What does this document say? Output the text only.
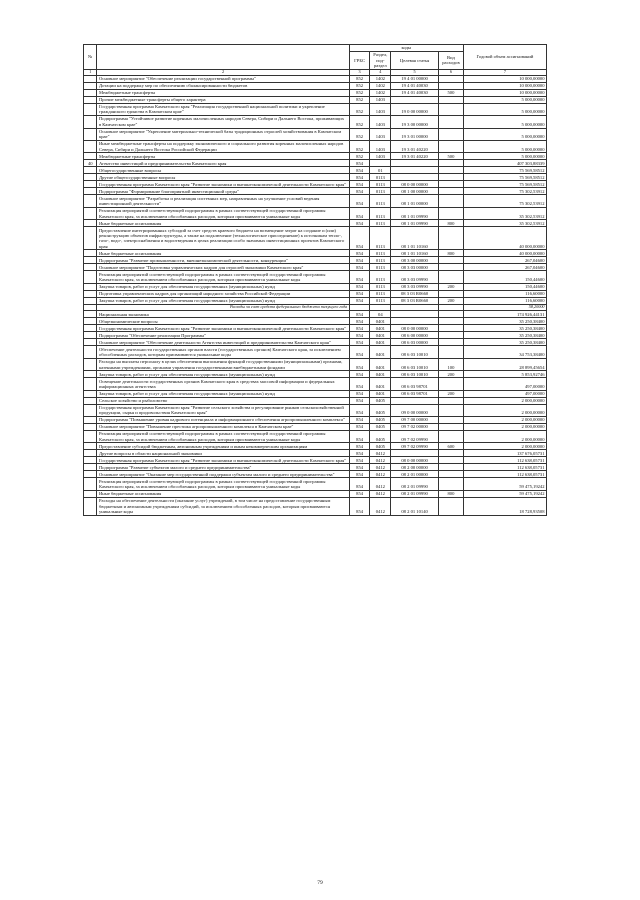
№		коды				Годовой объем ассигнований
		ГРБС	Раздел, под-раздел	Целевая статья	Вид расходов	
1	2	3	4	5	6	7
	Основное мероприятие "Обеспечение реализации государственной программы"	852	1402	19 4 01 00000		10 000,00000
	Дотации на поддержку мер по обеспечению сбалансированности бюджетов	852	1402	19 4 01 40030		10 000,00000
	Межбюджетные трансферты	852	1402	19 4 01 40030	500	10 000,00000
	Прочие межбюджетные трансферты общего характера	852	1403			5 000,00000
	Государственная программа Камчатского края "Реализация государственной национальной политики и укрепление гражданского единства в Камчатском крае"	852	1403	19 0 00 00000		5 000,00000
	Подпрограмма "Устойчивое развитие коренных малочисленных народов Севера, Сибири и Дальнего Востока, проживающих в Камчатском крае"	852	1403	19 3 00 00000		5 000,00000
	Основное мероприятие "Укрепление материально-технической базы традиционных отраслей хозяйствования в Камчатском крае"	852	1403	19 3 01 00000		5 000,00000
	Иные межбюджетные трансферты на поддержку экономического и социального развития коренных малочисленных народов Севера, Сибири и Дальнего Востока Российской Федерации	852	1403	19 3 01 40220		5 000,00000
	Межбюджетные трансферты	852	1403	19 3 01 40220	500	5 000,00000
40	Агентство инвестиций и предпринимательства Камчатского края	854				407 303,88339
	Общегосударственные вопросы	854	01			75 569,58512
	Другие общегосударственные вопросы	854	0113			75 569,58512
	Государственная программа Камчатского края "Развитие экономики и внешнеэкономической деятельности Камчатского края"	854	0113	08 0 00 00000		75 569,58512
	Подпрограмма "Формирование благоприятной инвестиционной среды"	854	0113	08 1 00 00000		75 302,53912
	Основное мероприятие "Разработка и реализация системных мер, направленных на улучшение условий ведения инвестиционной деятельности"	854	0113	08 1 01 00000		75 302,53912
	Реализация мероприятий соответствующей подпрограммы в рамках соответствующей государственной программы Камчатского края, за исключением обособленных расходов, которым присваиваются уникальные коды	854	0113	08 1 01 09990		35 302,53912
	Иные бюджетные ассигнования	854	0113	08 1 01 09990	800	35 302,53912
	Предоставление интегрированных субсидий за счет средств краевого бюджета на возмещение затрат на создание и (или) реконструкцию объектов инфраструктуры, а также на подключение (технологическое присоединение) к источникам тепло-, газо-, водо-, электроснабжения и водоотведения в целях реализации особо значимых инвестиционных проектов Камчатского края	854	0113	08 1 01 10160		40 000,00000
	Иные бюджетные ассигнования	854	0113	08 1 01 10160	800	40 000,00000
	Подпрограмма "Развитие промышленности, внешнеэкономической деятельности, конкуренции"	854	0113	08 3 00 00000		267,04600
	Основное мероприятие "Подготовка управленческих кадров для отраслей экономики Камчатского края"	854	0113	08 3 03 00000		267,04600
	Реализация мероприятий соответствующей подпрограммы в рамках соответствующей государственной программы Камчатского края, за исключением обособленных расходов, которым присваиваются уникальные коды	854	0113	08 3 03 09990		150,44600
	Закупка товаров, работ и услуг для обеспечения государственных (муниципальных) нужд	854	0113	08 3 03 09990	200	150,44600
	Подготовка управленческих кадров для организаций народного хозяйства Российской Федерации	854	0113	08 3 03 R0660		116,60000
	Закупка товаров, работ и услуг для обеспечения государственных (муниципальных) нужд	854	0113	08 3 03 R0660	200	116,60000
	Расходы за счет средств федерального бюджета текущего года					58,20000
	Национальная экономика	854	04			174 926,44131
	Общеэкономические вопросы	854	0401			35 250,38400
	Государственная программа Камчатского края "Развитие экономики и внешнеэкономической деятельности Камчатского края"	854	0401	08 0 00 00000		35 250,38400
	Подпрограмма "Обеспечение реализации Программы"	854	0401	08 6 00 00000		35 250,38400
	Основное мероприятие "Обеспечение деятельности Агентства инвестиций и предпринимательства Камчатского края"	854	0401	08 6 03 00000		35 250,38400
	Обеспечение деятельности государственных органов власти (государственных органов) Камчатского края, за исключением обособленных расходов, которым присваиваются уникальные коды	854	0401	08 6 03 10010		34 753,38400
	Расходы на выплаты персоналу в целях обеспечения выполнения функций государственными (муниципальными) органами, казенными учреждениями, органами управления государственными внебюджетными фондами	854	0401	08 6 03 10010	100	28 899,45654
	Закупка товаров, работ и услуг для обеспечения государственных (муниципальных) нужд	854	0401	08 6 03 10010	200	5 853,92746
	Освещение деятельности государственных органов Камчатского края в средствах массовой информации и федеральных информационных агентствах	854	0401	08 6 03 98701		497,00000
	Закупка товаров, работ и услуг для обеспечения государственных (муниципальных) нужд	854	0401	08 6 03 98701	200	497,00000
	Сельское хозяйство и рыболовство	854	0405			2 000,00000
	Государственная программа Камчатского края "Развитие сельского хозяйства и регулирование рынков сельскохозяйственной продукции, сырья и продовольствия Камчатского края"	854	0405	09 0 00 00000		2 000,00000
	Подпрограмма "Повышение уровня кадрового потенциала и информационного обеспечения агропромышленного комплекса"	854	0405	09 7 00 00000		2 000,00000
	Основное мероприятие "Повышение престижа агропромышленного комплекса в Камчатском крае"	854	0405	09 7 02 00000		2 000,00000
	Реализация мероприятий соответствующей подпрограммы в рамках соответствующей государственной программы Камчатского края, за исключением обособленных расходов, которым присваиваются уникальные коды	854	0405	09 7 02 09990		2 000,00000
	Предоставление субсидий бюджетным, автономным учреждениям и иным некоммерческим организациям	854	0405	09 7 02 09990	600	2 000,00000
	Другие вопросы в области национальной экономики	854	0412			137 676,05731
	Государственная программа Камчатского края "Развитие экономики и внешнеэкономической деятельности Камчатского края"	854	0412	08 0 00 00000		112 638,05731
	Подпрограмма "Развитие субъектов малого и среднего предпринимательства"	854	0412	08 2 00 00000		112 638,05731
	Основное мероприятие "Оказание мер государственной поддержки субъектам малого и среднего предпринимательства"	854	0412	08 2 01 00000		112 638,05731
	Реализация мероприятий соответствующей подпрограммы в рамках соответствующей государственной программы Камчатского края, за исключением обособленных расходов, которым присваиваются уникальные коды	854	0412	08 2 01 09990		59 475,19242
	Иные бюджетные ассигнования	854	0412	08 2 01 09990	800	59 475,19242
	Расходы на обеспечение деятельности (оказание услуг) учреждений, в том числе на предоставление государственным бюджетным и автономным учреждениям субсидий, за исключением обособленных расходов, которым присваиваются уникальные коды	854	0412	08 2 01 10140		18 728,93508
79
